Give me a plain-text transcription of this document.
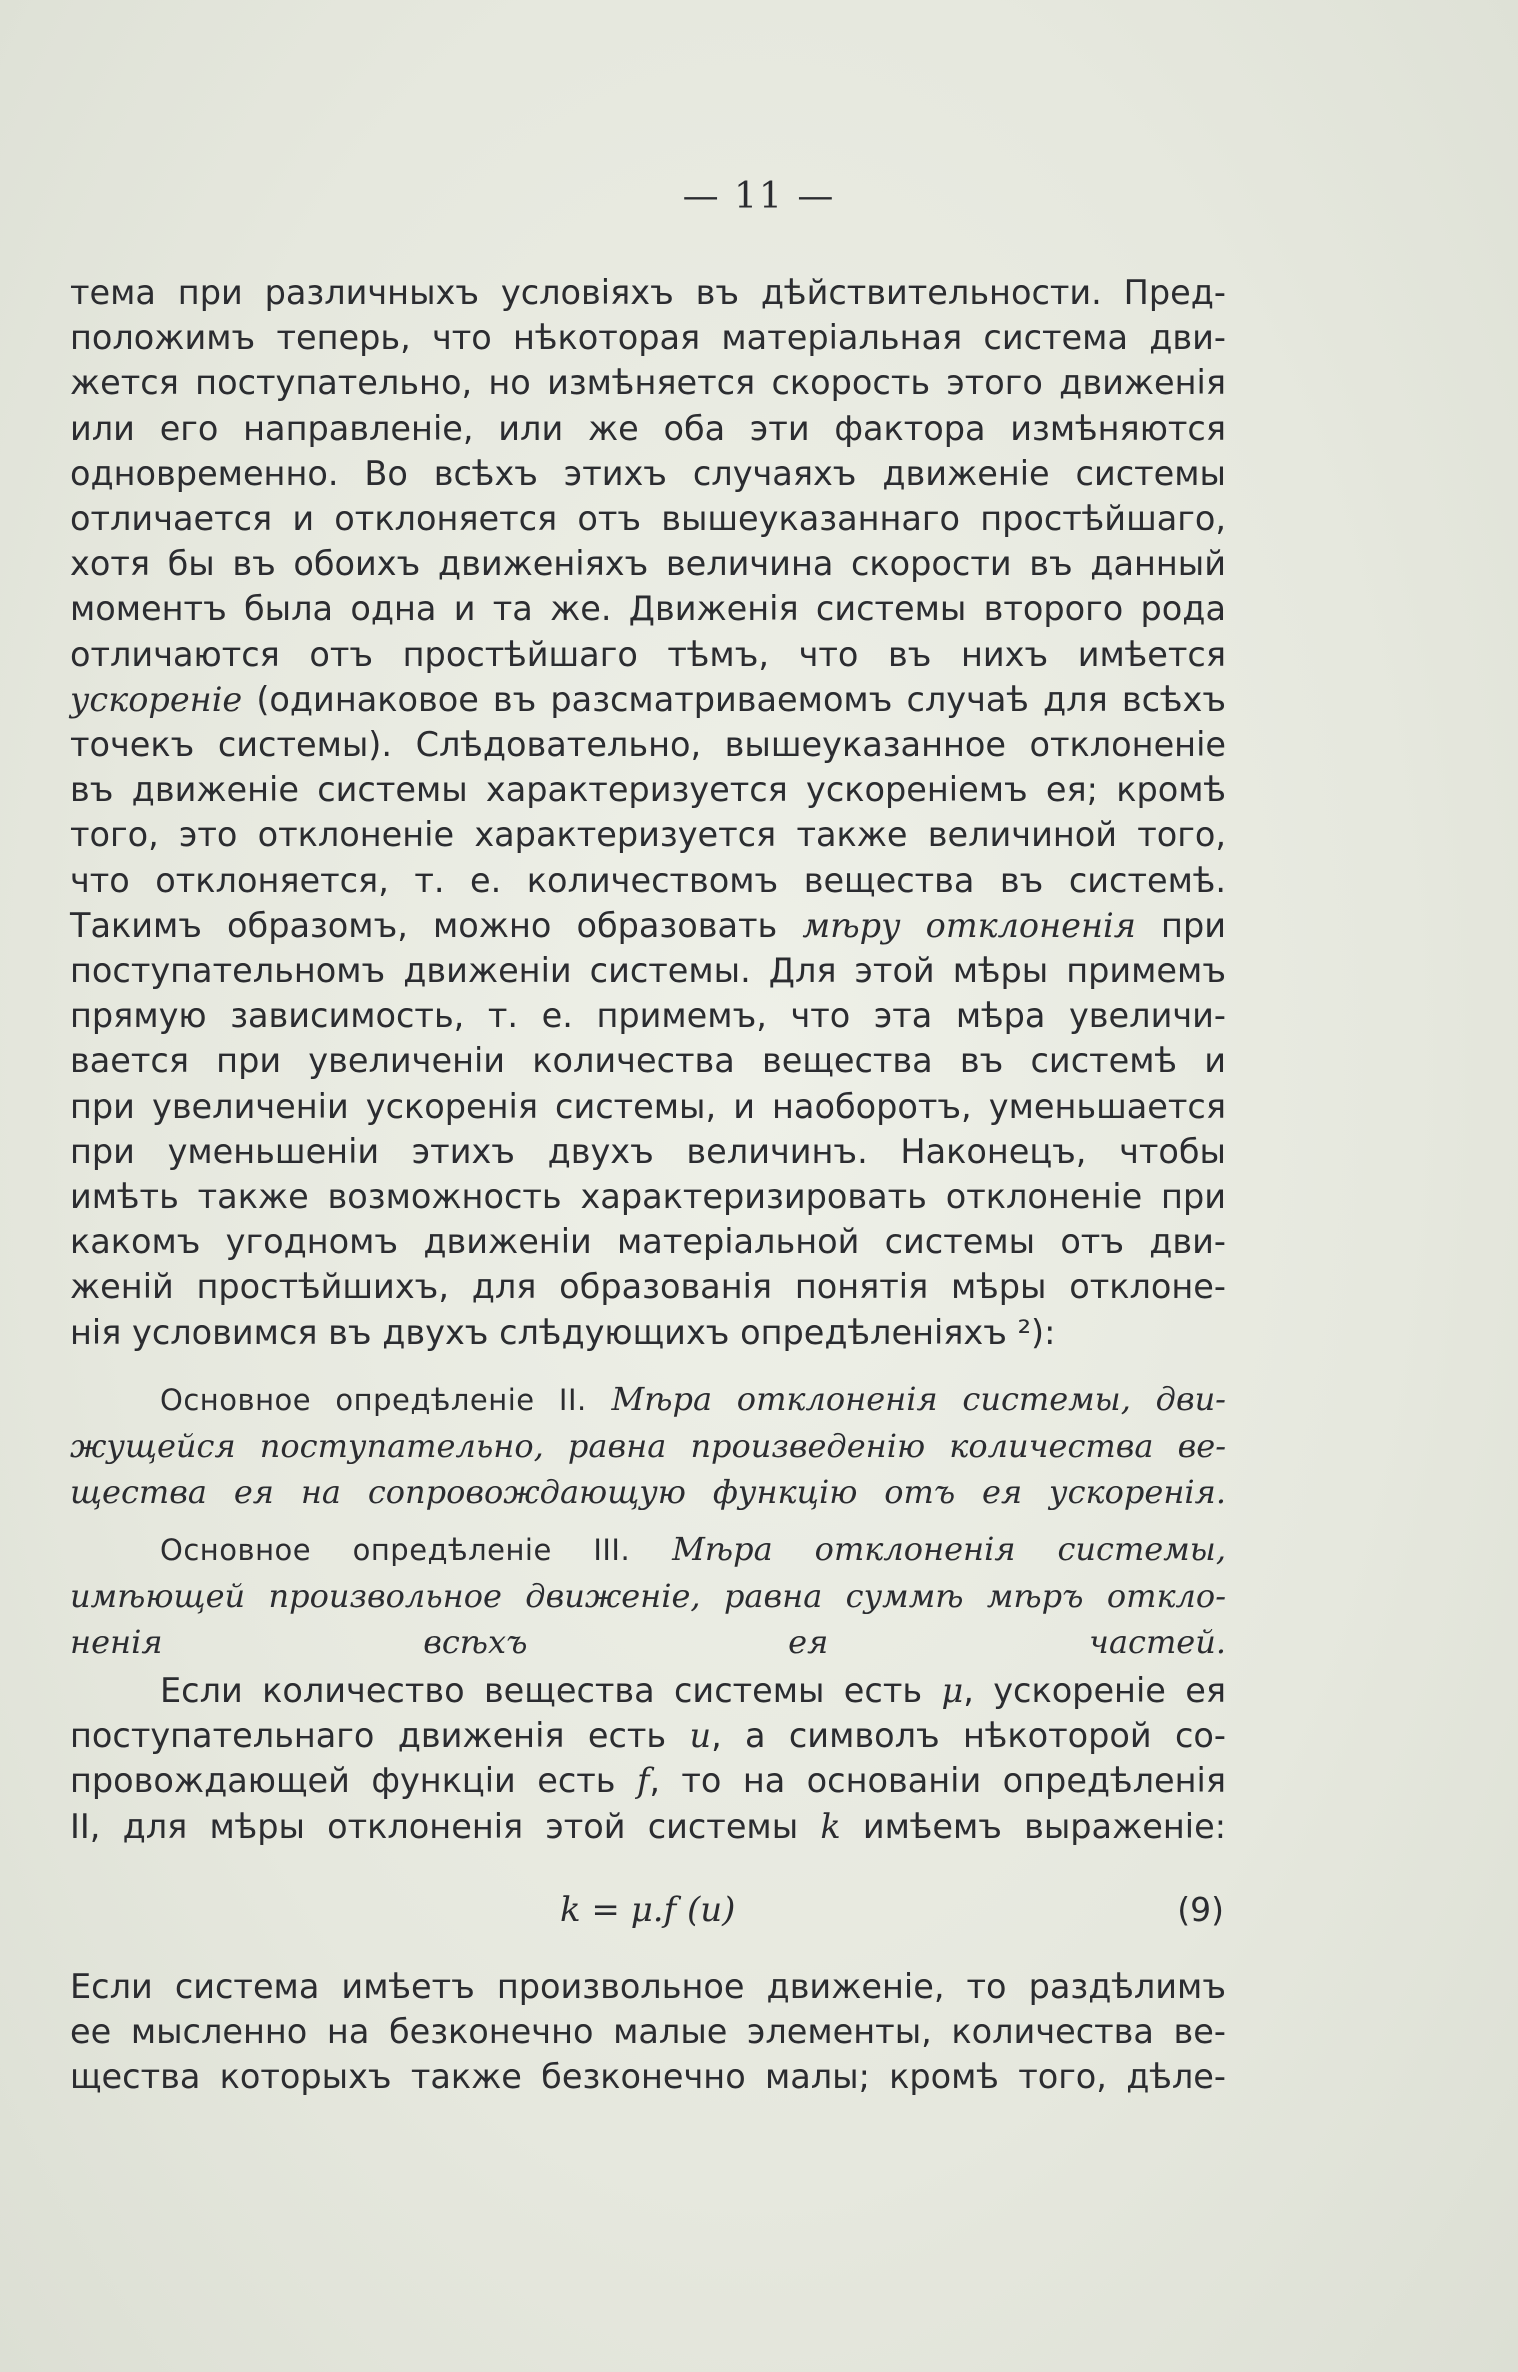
— 11 —
тема при различныхъ условiяхъ въ дѣйствительности. Пред-
положимъ теперь, что нѣкоторая матерiальная система дви-
жется поступательно, но измѣняется скорость этого движенiя
или его направленiе, или же оба эти фактора измѣняются
одновременно. Во всѣхъ этихъ случаяхъ движенiе системы
отличается и отклоняется отъ вышеуказаннаго простѣйшаго,
хотя бы въ обоихъ движенiяхъ величина скорости въ данный
моментъ была одна и та же. Движенiя системы второго рода
отличаются отъ простѣйшаго тѣмъ, что въ нихъ имѣется
ускоренiе (одинаковое въ разсматриваемомъ случаѣ для всѣхъ
точекъ системы). Слѣдовательно, вышеуказанное отклоненiе
въ движенiе системы характеризуется ускоренiемъ ея; кромѣ
того, это отклоненiе характеризуется также величиной того,
что отклоняется, т. е. количествомъ вещества въ системѣ.
Такимъ образомъ, можно образовать мѣру отклоненiя при
поступательномъ движенiи системы. Для этой мѣры примемъ
прямую зависимость, т. е. примемъ, что эта мѣра увеличи-
вается при увеличенiи количества вещества въ системѣ и
при увеличенiи ускоренiя системы, и наоборотъ, уменьшается
при уменьшенiи этихъ двухъ величинъ. Наконецъ, чтобы
имѣть также возможность характеризировать отклоненiе при
какомъ угодномъ движенiи матерiальной системы отъ дви-
женiй простѣйшихъ, для образованiя понятiя мѣры отклоне-
нiя условимся въ двухъ слѣдующихъ опредѣленiяхъ ²):
Основное опредѣленiе II. Мѣра отклоненiя системы, дви-
жущейся поступательно, равна произведенiю количества ве-
щества ея на сопровождающую функцiю отъ ея ускоренiя.
Основное опредѣленiе III. Мѣра отклоненiя системы,
имѣющей произвольное движенiе, равна суммѣ мѣръ откло-
ненiя всѣхъ ея частей.
Если количество вещества системы есть μ, ускоренiе ея
поступательнаго движенiя есть u, а символъ нѣкоторой со-
провождающей функцiи есть f, то на основанiи опредѣленiя
II, для мѣры отклоненiя этой системы k имѣемъ выраженiе:
k = μ.f (u)	(9)
Если система имѣетъ произвольное движенiе, то раздѣлимъ
ее мысленно на безконечно малые элементы, количества ве-
щества которыхъ также безконечно малы; кромѣ того, дѣле-
